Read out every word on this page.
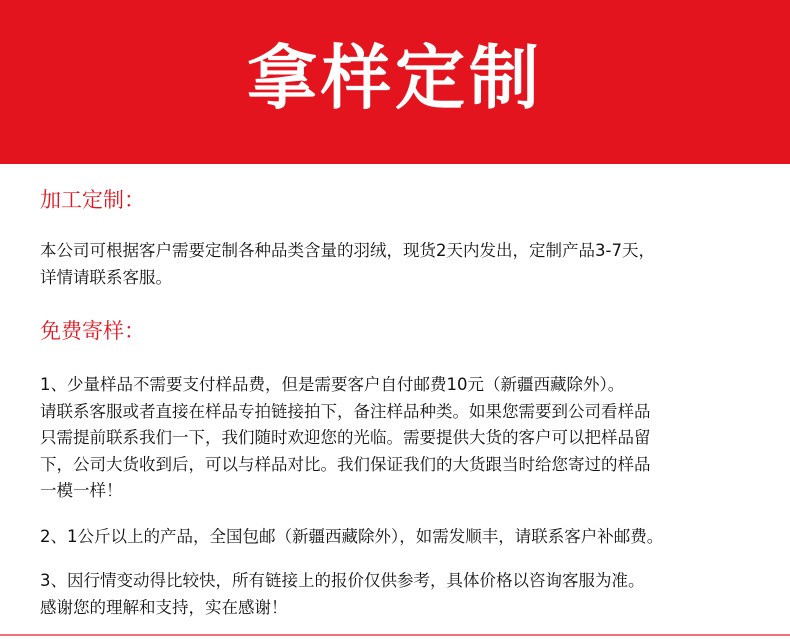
拿样定制
加工定制：

本公司可根据客户需要定制各种品类含量的羽绒，现货2天内发出，定制产品3-7天，

详情请联系客服。

免费寄样：

1、少量样品不需要支付样品费，但是需要客户自付邮费10元（新疆西藏除外）。

请联系客服或者直接在样品专拍链接拍下，备注样品种类。如果您需要到公司看样品

只需提前联系我们一下，我们随时欢迎您的光临。需要提供大货的客户可以把样品留

下，公司大货收到后，可以与样品对比。我们保证我们的大货跟当时给您寄过的样品

一模一样！

2、1公斤以上的产品，全国包邮（新疆西藏除外），如需发顺丰，请联系客户补邮费。

3、因行情变动得比较快，所有链接上的报价仅供参考，具体价格以咨询客服为准。

感谢您的理解和支持，实在感谢！
